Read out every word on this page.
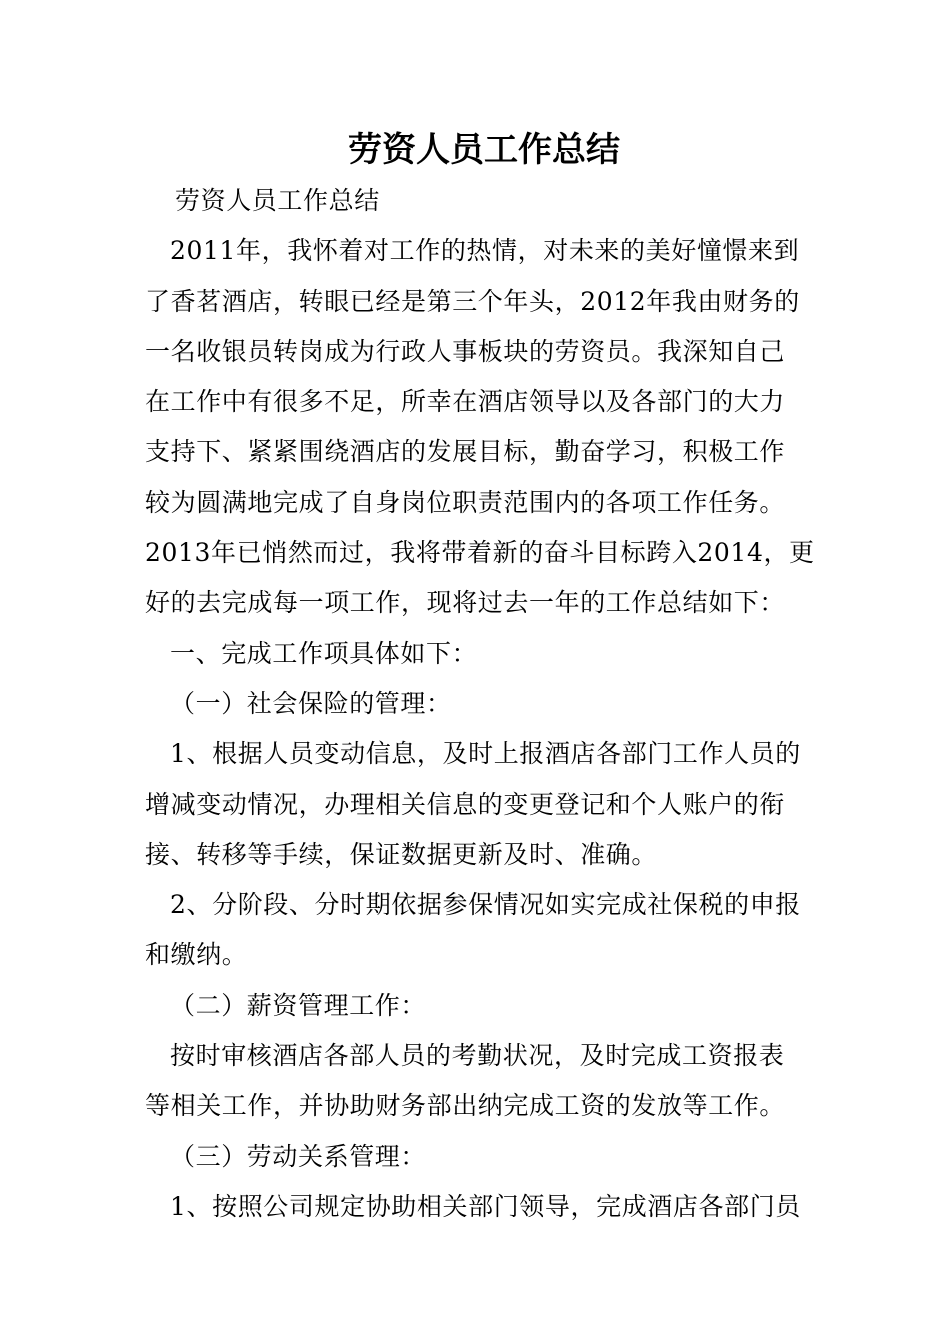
劳资人员工作总结
劳资人员工作总结
2011年，我怀着对工作的热情，对未来的美好憧憬来到
了香茗酒店，转眼已经是第三个年头，2012年我由财务的
一名收银员转岗成为行政人事板块的劳资员。我深知自己
在工作中有很多不足，所幸在酒店领导以及各部门的大力
支持下、紧紧围绕酒店的发展目标，勤奋学习，积极工作
较为圆满地完成了自身岗位职责范围内的各项工作任务。
2013年已悄然而过，我将带着新的奋斗目标跨入2014，更
好的去完成每一项工作，现将过去一年的工作总结如下：
一、完成工作项具体如下：
（一）社会保险的管理：
1、根据人员变动信息，及时上报酒店各部门工作人员的
增减变动情况，办理相关信息的变更登记和个人账户的衔
接、转移等手续，保证数据更新及时、准确。
2、分阶段、分时期依据参保情况如实完成社保税的申报
和缴纳。
（二）薪资管理工作：
按时审核酒店各部人员的考勤状况，及时完成工资报表
等相关工作，并协助财务部出纳完成工资的发放等工作。
（三）劳动关系管理：
1、按照公司规定协助相关部门领导，完成酒店各部门员
